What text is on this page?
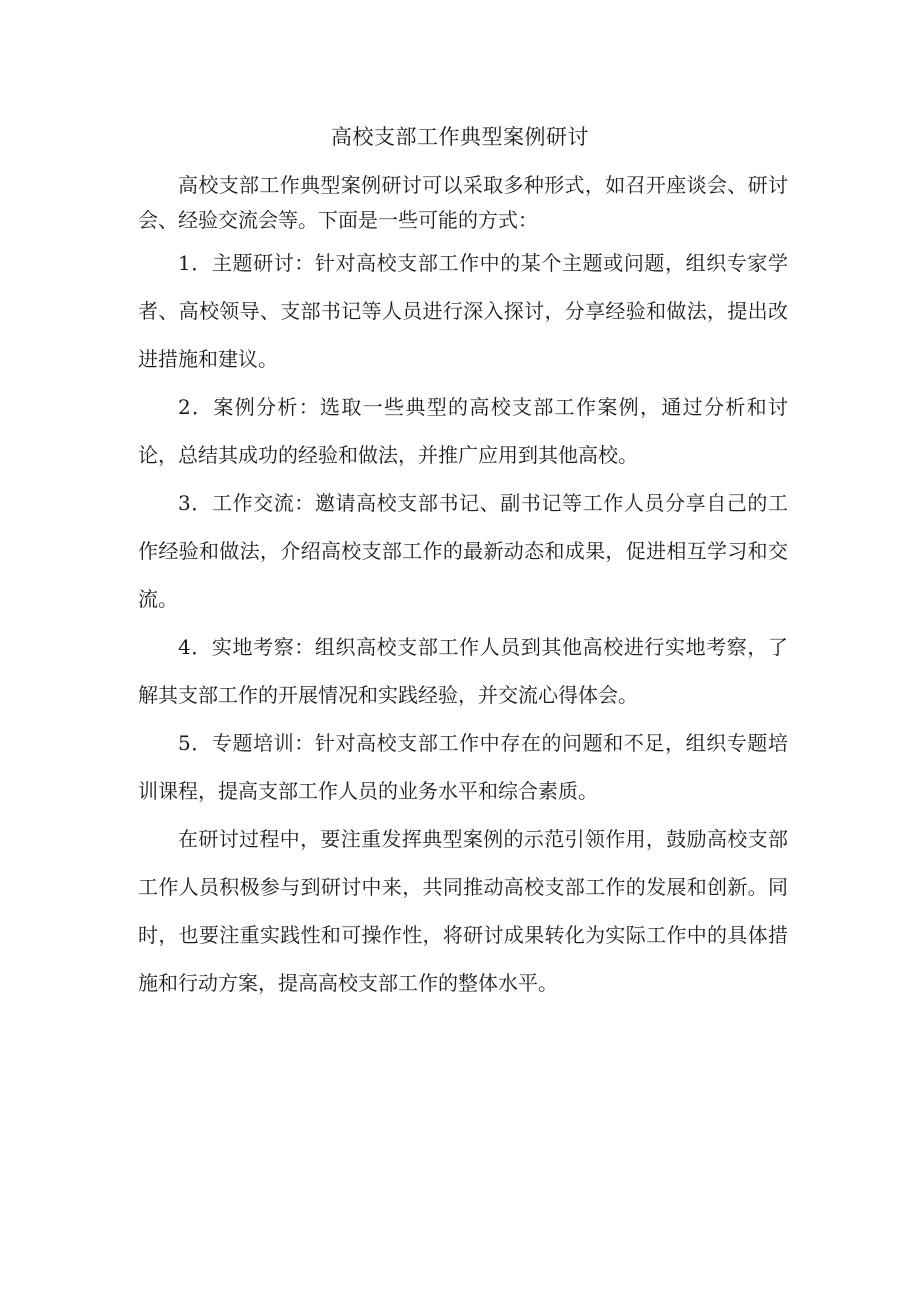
高校支部工作典型案例研讨

高校支部工作典型案例研讨可以采取多种形式，如召开座谈会、研讨会、经验交流会等。下面是一些可能的方式：

1．主题研讨：针对高校支部工作中的某个主题或问题，组织专家学者、高校领导、支部书记等人员进行深入探讨，分享经验和做法，提出改进措施和建议。

2．案例分析：选取一些典型的高校支部工作案例，通过分析和讨论，总结其成功的经验和做法，并推广应用到其他高校。

3．工作交流：邀请高校支部书记、副书记等工作人员分享自己的工作经验和做法，介绍高校支部工作的最新动态和成果，促进相互学习和交流。

4．实地考察：组织高校支部工作人员到其他高校进行实地考察，了解其支部工作的开展情况和实践经验，并交流心得体会。

5．专题培训：针对高校支部工作中存在的问题和不足，组织专题培训课程，提高支部工作人员的业务水平和综合素质。

在研讨过程中，要注重发挥典型案例的示范引领作用，鼓励高校支部工作人员积极参与到研讨中来，共同推动高校支部工作的发展和创新。同时，也要注重实践性和可操作性，将研讨成果转化为实际工作中的具体措施和行动方案，提高高校支部工作的整体水平。
